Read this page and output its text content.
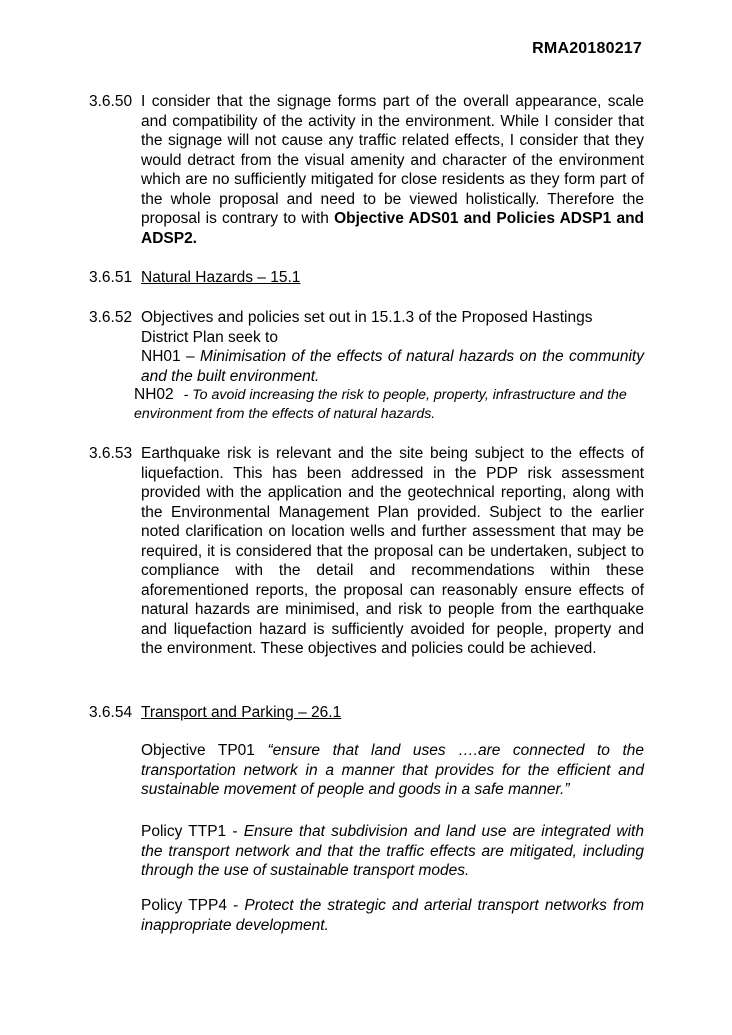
RMA20180217
3.6.50 I consider that the signage forms part of the overall appearance, scale and compatibility of the activity in the environment. While I consider that the signage will not cause any traffic related effects, I consider that they would detract from the visual amenity and character of the environment which are no sufficiently mitigated for close residents as they form part of the whole proposal and need to be viewed holistically. Therefore the proposal is contrary to with Objective ADS01 and Policies ADSP1 and ADSP2.
3.6.51 Natural Hazards – 15.1
3.6.52 Objectives and policies set out in 15.1.3 of the Proposed Hastings District Plan seek to
NH01 – Minimisation of the effects of natural hazards on the community and the built environment.
NH02 - To avoid increasing the risk to people, property, infrastructure and the environment from the effects of natural hazards.
3.6.53 Earthquake risk is relevant and the site being subject to the effects of liquefaction. This has been addressed in the PDP risk assessment provided with the application and the geotechnical reporting, along with the Environmental Management Plan provided. Subject to the earlier noted clarification on location wells and further assessment that may be required, it is considered that the proposal can be undertaken, subject to compliance with the detail and recommendations within these aforementioned reports, the proposal can reasonably ensure effects of natural hazards are minimised, and risk to people from the earthquake and liquefaction hazard is sufficiently avoided for people, property and the environment. These objectives and policies could be achieved.
3.6.54 Transport and Parking – 26.1

Objective TP01 “ensure that land uses ….are connected to the transportation network in a manner that provides for the efficient and sustainable movement of people and goods in a safe manner.”

Policy TTP1 - Ensure that subdivision and land use are integrated with the transport network and that the traffic effects are mitigated, including through the use of sustainable transport modes.

Policy TPP4 - Protect the strategic and arterial transport networks from inappropriate development.
